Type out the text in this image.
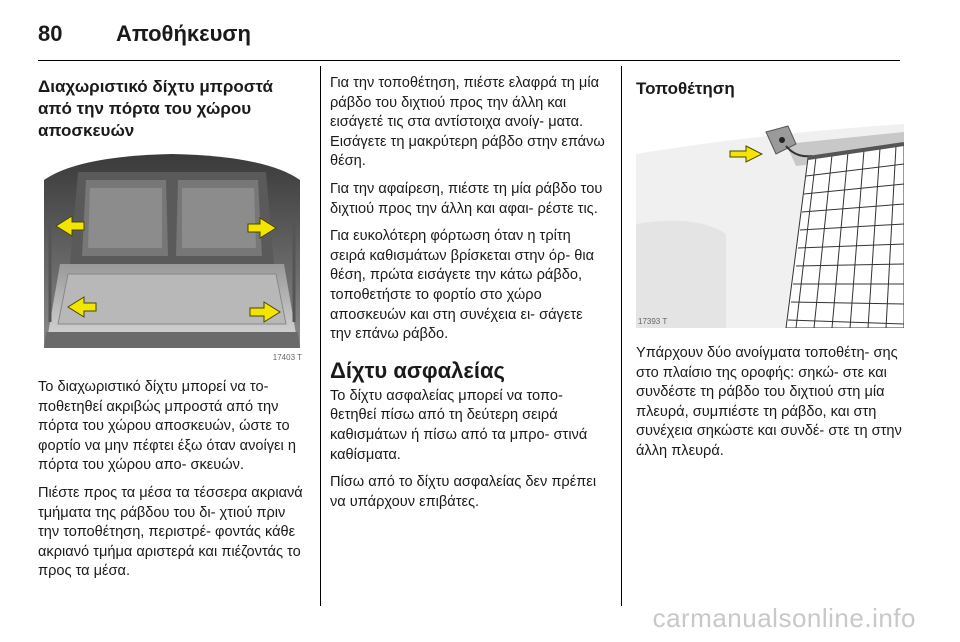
80	Αποθήκευση
Διαχωριστικό δίχτυ μπροστά από την πόρτα του χώρου αποσκευών
17403 T

Το διαχωριστικό δίχτυ μπορεί να το- ποθετηθεί ακριβώς μπροστά από την πόρτα του χώρου αποσκευών, ώστε το φορτίο να μην πέφτει έξω όταν ανοίγει η πόρτα του χώρου απο- σκευών.

Πιέστε προς τα μέσα τα τέσσερα ακριανά τμήματα της ράβδου του δι- χτιού πριν την τοποθέτηση, περιστρέ- φοντάς κάθε ακριανό τμήμα αριστερά και πιέζοντάς το προς τα μέσα.

Για την τοποθέτηση, πιέστε ελαφρά τη μία ράβδο του διχτιού προς την άλλη και εισάγετέ τις στα αντίστοιχα ανοίγ- ματα. Εισάγετε τη μακρύτερη ράβδο στην επάνω θέση.

Για την αφαίρεση, πιέστε τη μία ράβδο του διχτιού προς την άλλη και αφαι- ρέστε τις.

Για ευκολότερη φόρτωση όταν η τρίτη σειρά καθισμάτων βρίσκεται στην όρ- θια θέση, πρώτα εισάγετε την κάτω ράβδο, τοποθετήστε το φορτίο στο χώρο αποσκευών και στη συνέχεια ει- σάγετε την επάνω ράβδο.

Δίχτυ ασφαλείας

Το δίχτυ ασφαλείας μπορεί να τοπο- θετηθεί πίσω από τη δεύτερη σειρά καθισμάτων ή πίσω από τα μπρο- στινά καθίσματα.

Πίσω από το δίχτυ ασφαλείας δεν πρέπει να υπάρχουν επιβάτες.

Τοποθέτηση
17393 T

Υπάρχουν δύο ανοίγματα τοποθέτη- σης στο πλαίσιο της οροφής: σηκώ- στε και συνδέστε τη ράβδο του διχτιού στη μία πλευρά, συμπιέστε τη ράβδο, και στη συνέχεια σηκώστε και συνδέ- στε τη στην άλλη πλευρά.

carmanualsonline.info
